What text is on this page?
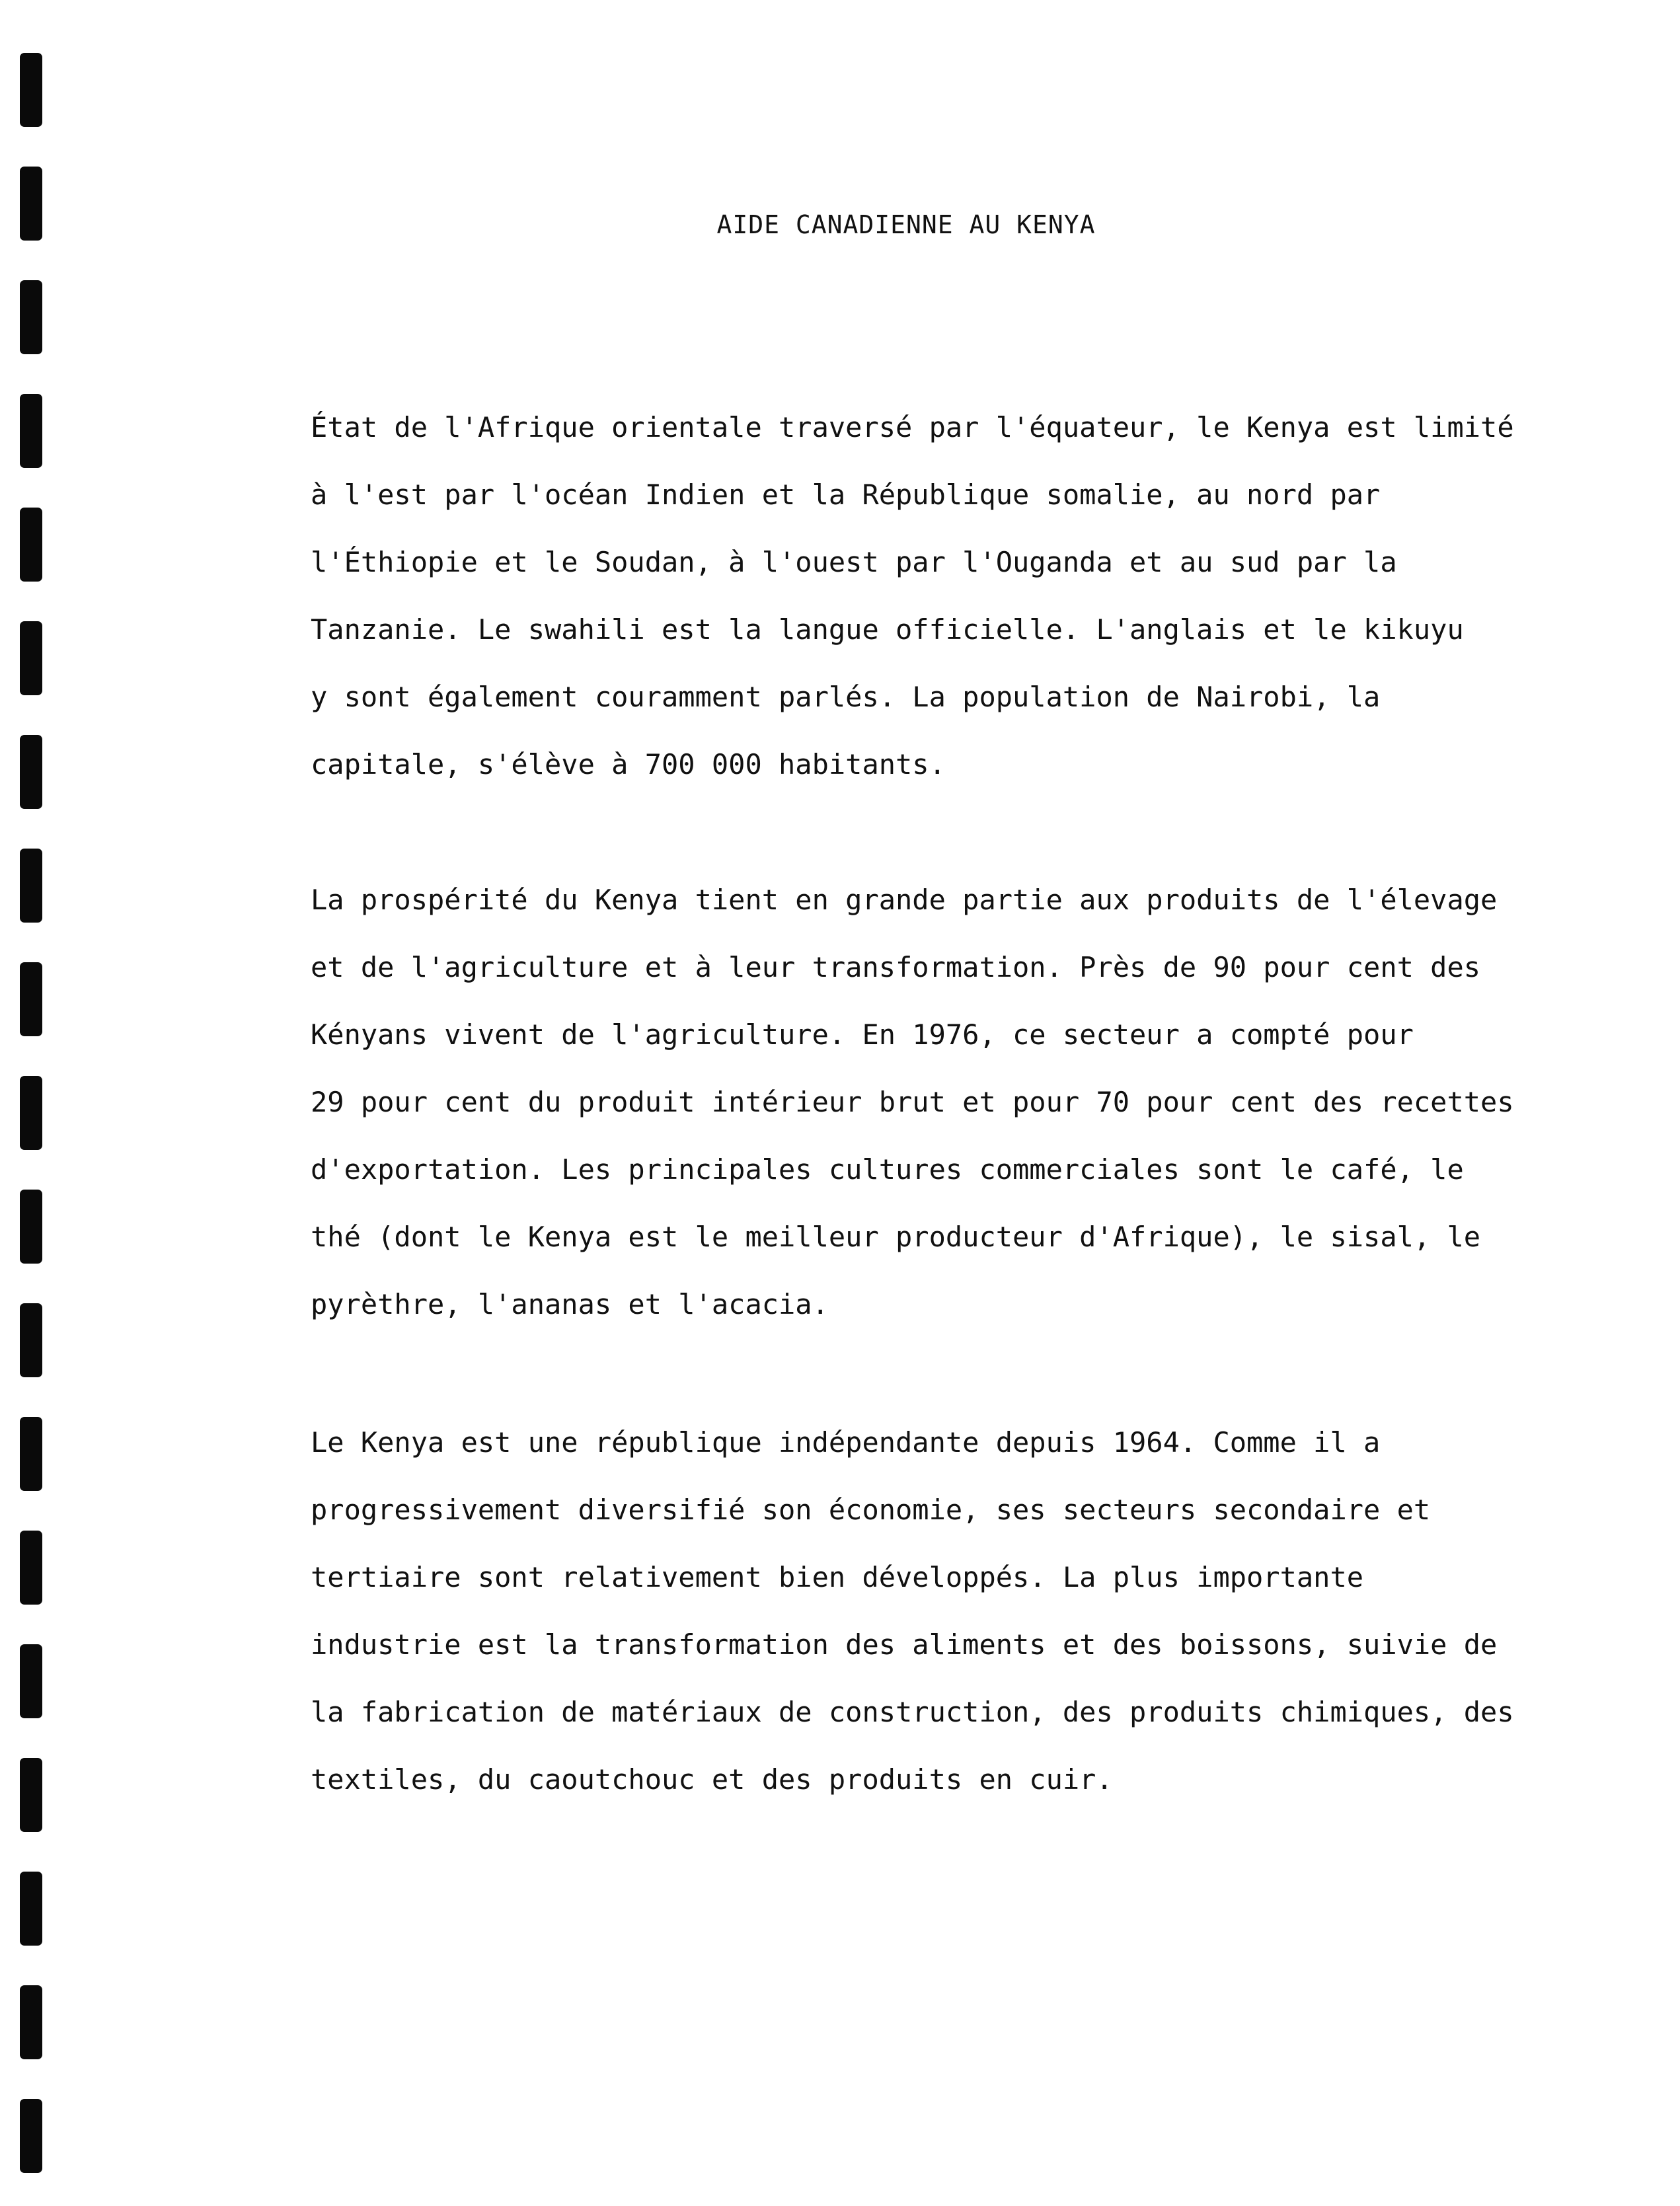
AIDE CANADIENNE AU KENYA
État de l'Afrique orientale traversé par l'équateur, le Kenya est limité
à l'est par l'océan Indien et la République somalie, au nord par
l'Éthiopie et le Soudan, à l'ouest par l'Ouganda et au sud par la
Tanzanie. Le swahili est la langue officielle. L'anglais et le kikuyu
y sont également couramment parlés. La population de Nairobi, la
capitale, s'élève à 700 000 habitants.
La prospérité du Kenya tient en grande partie aux produits de l'élevage
et de l'agriculture et à leur transformation. Près de 90 pour cent des
Kényans vivent de l'agriculture. En 1976, ce secteur a compté pour
29 pour cent du produit intérieur brut et pour 70 pour cent des recettes
d'exportation. Les principales cultures commerciales sont le café, le
thé (dont le Kenya est le meilleur producteur d'Afrique), le sisal, le
pyrèthre, l'ananas et l'acacia.
Le Kenya est une république indépendante depuis 1964. Comme il a
progressivement diversifié son économie, ses secteurs secondaire et
tertiaire sont relativement bien développés. La plus importante
industrie est la transformation des aliments et des boissons, suivie de
la fabrication de matériaux de construction, des produits chimiques, des
textiles, du caoutchouc et des produits en cuir.
